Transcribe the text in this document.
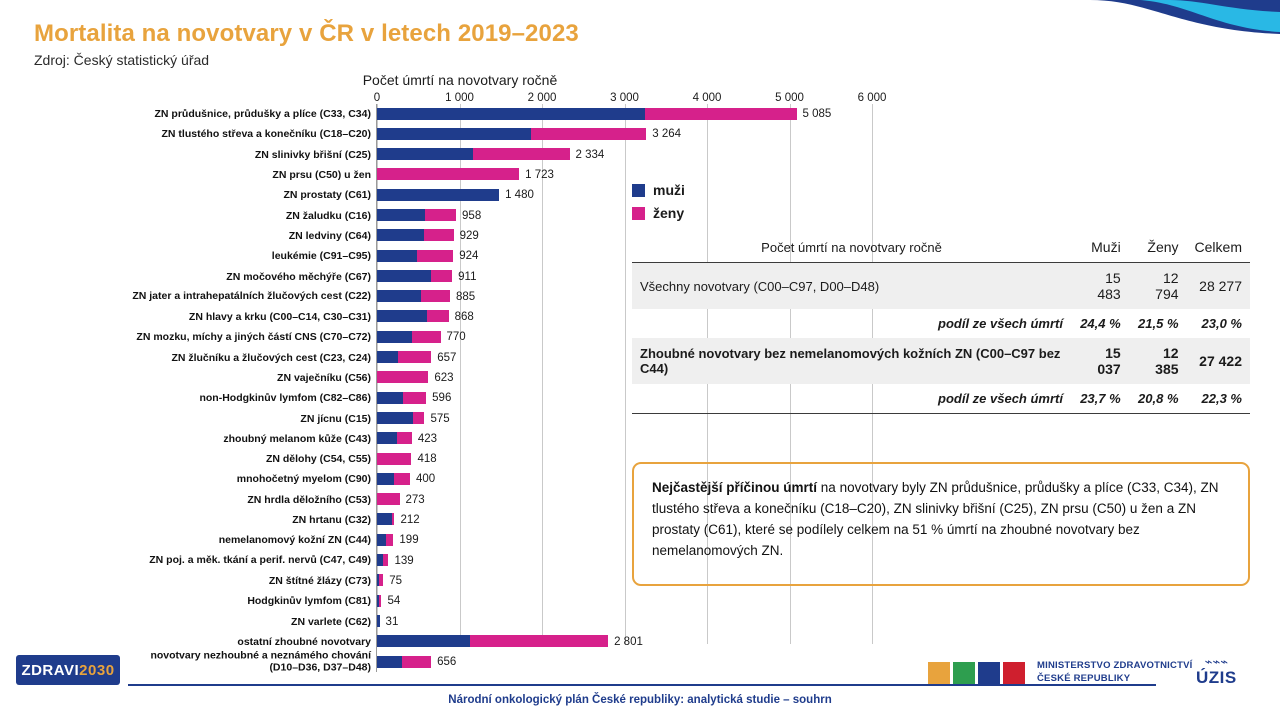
Mortalita na novotvary v ČR v letech 2019–2023
Zdroj: Český statistický úřad
Počet úmrtí na novotvary ročně
0	1 000	2 000	3 000	4 000	5 000	6 000
ZN průdušnice, průdušky a plíce (C33, C34)	5 085
ZN tlustého střeva a konečníku (C18–C20)	3 264
ZN slinivky břišní (C25)	2 334
ZN prsu (C50) u žen	1 723
ZN prostaty (C61)	1 480
ZN žaludku (C16)	958
ZN ledviny (C64)	929
leukémie (C91–C95)	924
ZN močového měchýře (C67)	911
ZN jater a intrahepatálních žlučových cest (C22)	885
ZN hlavy a krku (C00–C14, C30–C31)	868
ZN mozku, míchy a jiných částí CNS (C70–C72)	770
ZN žlučníku a žlučových cest (C23, C24)	657
ZN vaječníku (C56)	623
non-Hodgkinův lymfom (C82–C86)	596
ZN jícnu (C15)	575
zhoubný melanom kůže (C43)	423
ZN dělohy (C54, C55)	418
mnohočetný myelom (C90)	400
ZN hrdla děložního (C53)	273
ZN hrtanu (C32)	212
nemelanomový kožní ZN (C44) 199
ZN poj. a měk. tkání a perif. nervů (C47, C49) 139
ZN štítné žlázy (C73) 75
Hodgkinův lymfom (C81) 54
ZN varlete (C62) 31
ostatní zhoubné novotvary	2 801
novotvary nezhoubné a neznámého chování (D10–D36, D37–D48)	656
muži
ženy
Počet úmrtí na novotvary ročně	Muži	Ženy	Celkem
Všechny novotvary (C00–C97, D00–D48)	15 483	12 794	28 277
podíl ze všech úmrtí	24,4 %	21,5 %	23,0 %
Zhoubné novotvary bez nemelanomových kožních ZN (C00–C97 bez C44)	15 037	12 385	27 422
podíl ze všech úmrtí	23,7 %	20,8 %	22,3 %
Nejčastější příčinou úmrtí na novotvary byly ZN průdušnice, průdušky a plíce (C33, C34), ZN tlustého střeva a konečníku (C18–C20), ZN slinivky břišní (C25), ZN prsu (C50) u žen a ZN prostaty (C61), které se podílely celkem na 51 % úmrtí na zhoubné novotvary bez nemelanomových ZN.
ZDRAVI 2030
Národní onkologický plán České republiky: analytická studie – souhrn

MINISTERSTVO ZDRAVOTNICTVÍ
ČESKÉ REPUBLIKY
⌁⌁⌁
ÚZIS
